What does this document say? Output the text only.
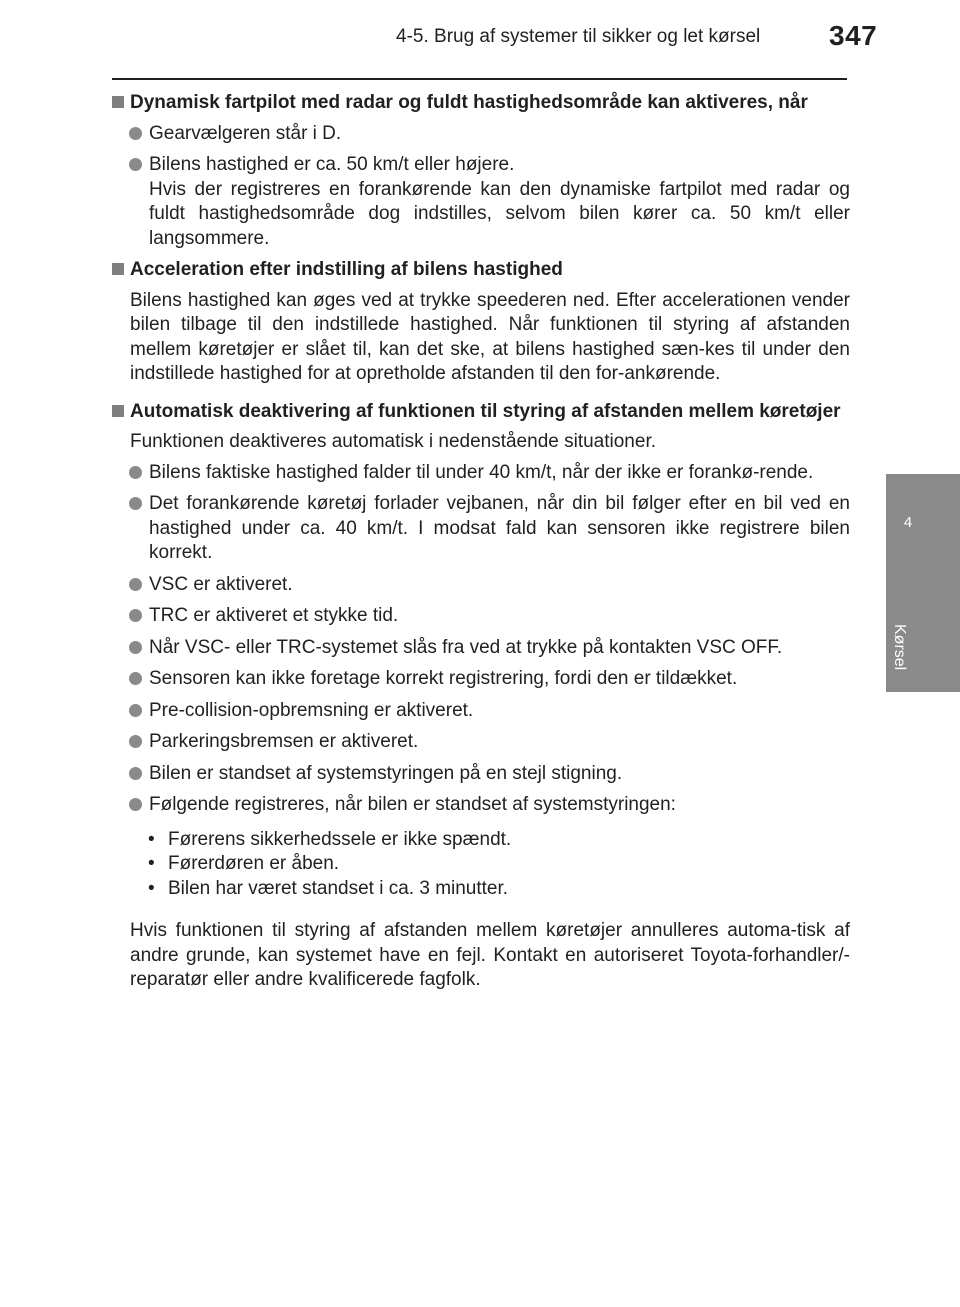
4-5. Brug af systemer til sikker og let kørsel	347
4
Kørsel
Dynamisk fartpilot med radar og fuldt hastighedsområde kan aktiveres, når
Gearvælgeren står i D.
Bilens hastighed er ca. 50 km/t eller højere.
Hvis der registreres en forankørende kan den dynamiske fartpilot med radar og fuldt hastighedsområde dog indstilles, selvom bilen kører ca. 50 km/t eller langsommere.
Acceleration efter indstilling af bilens hastighed
Bilens hastighed kan øges ved at trykke speederen ned. Efter accelerationen vender bilen tilbage til den indstillede hastighed. Når funktionen til styring af afstanden mellem køretøjer er slået til, kan det ske, at bilens hastighed sæn-kes til under den indstillede hastighed for at opretholde afstanden til den for-ankørende.
Automatisk deaktivering af funktionen til styring af afstanden mellem køretøjer
Funktionen deaktiveres automatisk i nedenstående situationer.
Bilens faktiske hastighed falder til under 40 km/t, når der ikke er forankø-rende.
Det forankørende køretøj forlader vejbanen, når din bil følger efter en bil ved en hastighed under ca. 40 km/t. I modsat fald kan sensoren ikke registrere bilen korrekt.
VSC er aktiveret.
TRC er aktiveret et stykke tid.
Når VSC- eller TRC-systemet slås fra ved at trykke på kontakten VSC OFF.
Sensoren kan ikke foretage korrekt registrering, fordi den er tildækket.
Pre-collision-opbremsning er aktiveret.
Parkeringsbremsen er aktiveret.
Bilen er standset af systemstyringen på en stejl stigning.
Følgende registreres, når bilen er standset af systemstyringen:
• Førerens sikkerhedssele er ikke spændt.
• Førerdøren er åben.
• Bilen har været standset i ca. 3 minutter.
Hvis funktionen til styring af afstanden mellem køretøjer annulleres automa-tisk af andre grunde, kan systemet have en fejl. Kontakt en autoriseret Toyota-forhandler/-reparatør eller andre kvalificerede fagfolk.
